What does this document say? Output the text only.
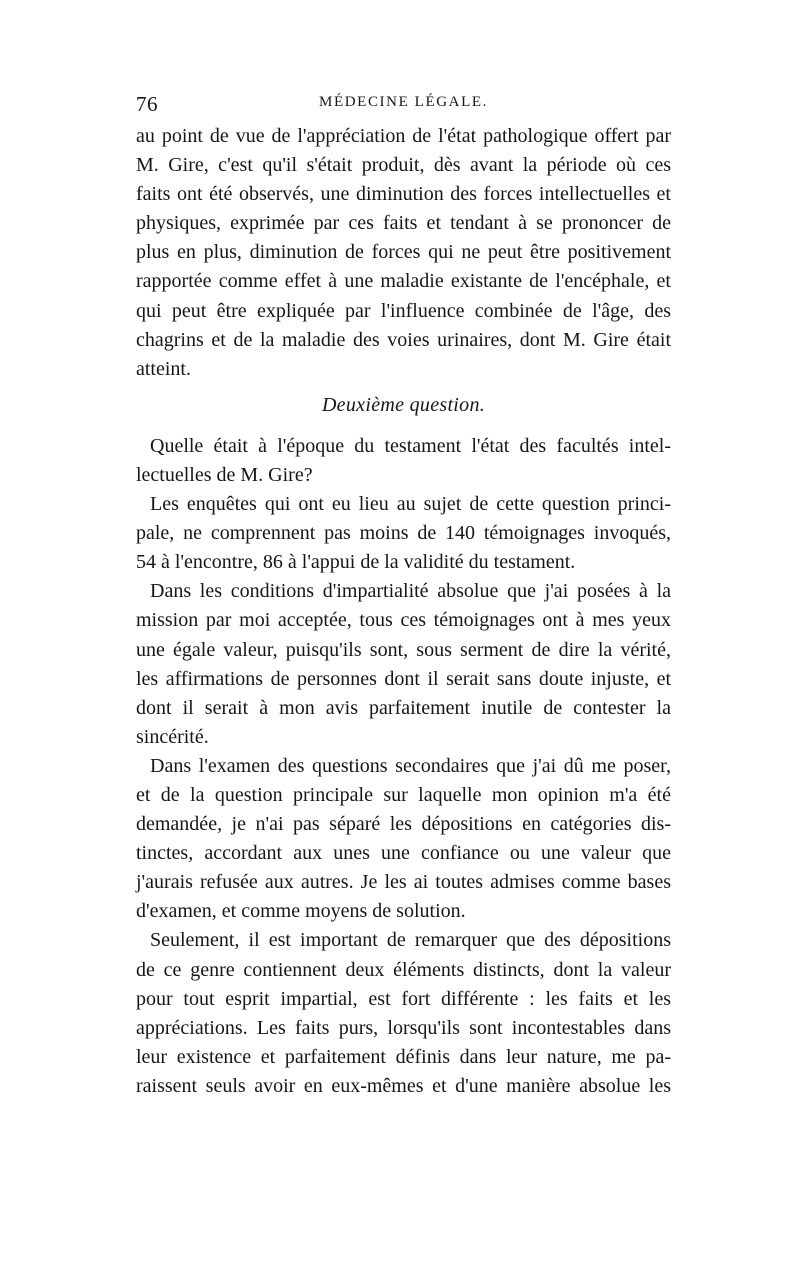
76	MÉDECINE LÉGALE.
au point de vue de l'appréciation de l'état pathologique offert par
M. Gire, c'est qu'il s'était produit, dès avant la période où ces
faits ont été observés, une diminution des forces intellectuelles et
physiques, exprimée par ces faits et tendant à se prononcer de
plus en plus, diminution de forces qui ne peut être positivement
rapportée comme effet à une maladie existante de l'encéphale, et
qui peut être expliquée par l'influence combinée de l'âge, des
chagrins et de la maladie des voies urinaires, dont M. Gire était
atteint.
Deuxième question.
Quelle était à l'époque du testament l'état des facultés intel-
lectuelles de M. Gire?
Les enquêtes qui ont eu lieu au sujet de cette question princi-
pale, ne comprennent pas moins de 140 témoignages invoqués,
54 à l'encontre, 86 à l'appui de la validité du testament.
Dans les conditions d'impartialité absolue que j'ai posées à la
mission par moi acceptée, tous ces témoignages ont à mes yeux
une égale valeur, puisqu'ils sont, sous serment de dire la vérité,
les affirmations de personnes dont il serait sans doute injuste, et
dont il serait à mon avis parfaitement inutile de contester la
sincérité.
Dans l'examen des questions secondaires que j'ai dû me poser,
et de la question principale sur laquelle mon opinion m'a été
demandée, je n'ai pas séparé les dépositions en catégories dis-
tinctes, accordant aux unes une confiance ou une valeur que
j'aurais refusée aux autres. Je les ai toutes admises comme bases
d'examen, et comme moyens de solution.
Seulement, il est important de remarquer que des dépositions
de ce genre contiennent deux éléments distincts, dont la valeur
pour tout esprit impartial, est fort différente : les faits et les
appréciations. Les faits purs, lorsqu'ils sont incontestables dans
leur existence et parfaitement définis dans leur nature, me pa-
raissent seuls avoir en eux-mêmes et d'une manière absolue les
